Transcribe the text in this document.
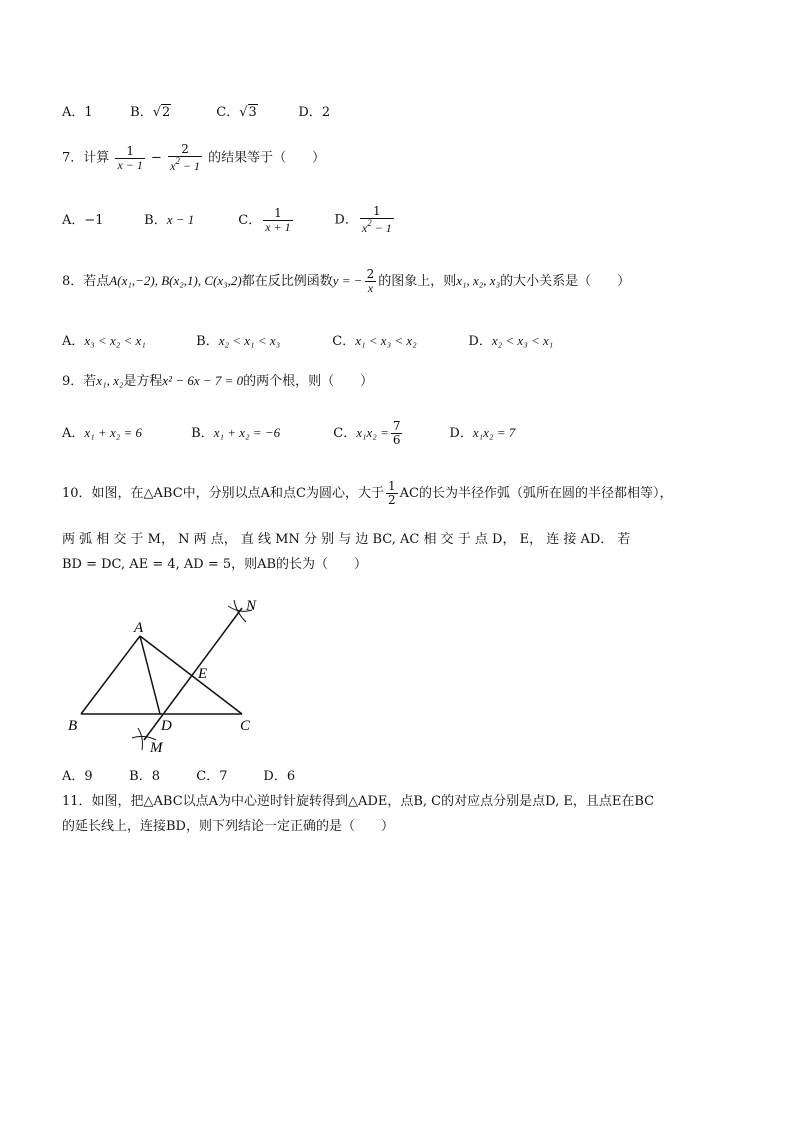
A．1	B．√2	C．√3	D．2
7．计算 $\frac{1}{x - 1} - \frac{2}{x^2 - 1}$ 的结果等于（　　）
A．−1	B．x − 1	C． $\frac{1}{x + 1}$	D． $\frac{1}{x^2 - 1}$
8．若点A(x₁,−2), B(x₂,1), C(x₃,2)都在反比例函数y = − $\frac{2}{x}$ 的图象上，则x₁, x₂, x₃的大小关系是（　　）
A．x₃ < x₂ < x₁	B．x₂ < x₁ < x₃	C．x₁ < x₃ < x₂	D．x₂ < x₃ < x₁
9．若x₁, x₂是方程x² − 6x − 7 = 0的两个根，则（　　）
A．x₁ + x₂ = 6	B．x₁ + x₂ = −6	C．$x_1x_2 = \frac{7}{6}$	D．x₁x₂ = 7
10．如图，在△ABC中，分别以点A和点C为圆心，大于 $\frac{1}{2}$ AC的长为半径作弧（弧所在圆的半径都相等），
两 弧 相 交 于 M， N 两 点， 直 线 MN 分 别 与 边 BC, AC 相 交 于 点 D， E， 连 接 AD． 若
BD = DC, AE = 4, AD = 5，则AB的长为（　　）
A
B	C
D
E
M
N
A．9	B．8	C．7	D．6
11．如图，把△ABC以点A为中心逆时针旋转得到△ADE，点B, C的对应点分别是点D, E，且点E在BC
的延长线上，连接BD，则下列结论一定正确的是（　　）
